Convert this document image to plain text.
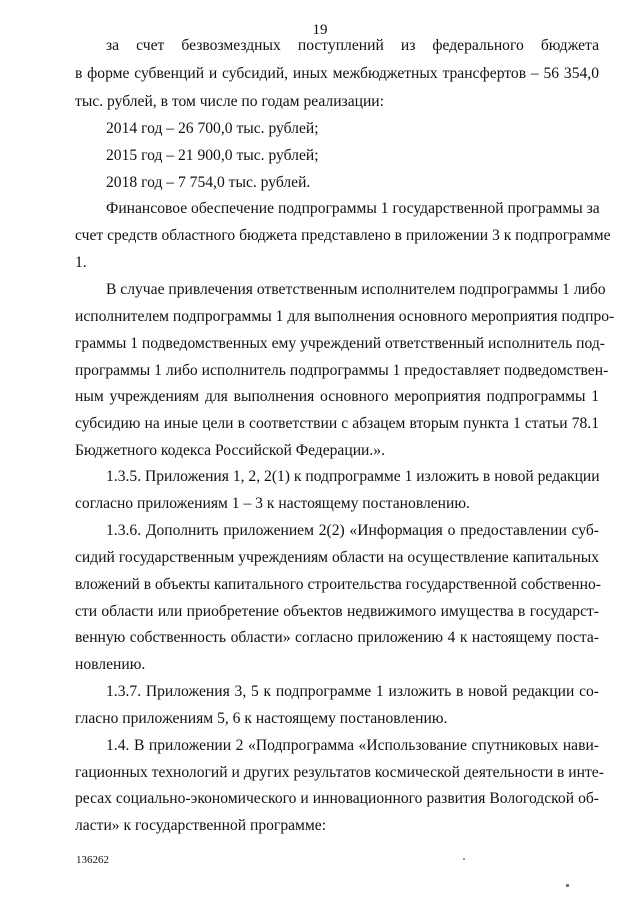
19
за счет безвозмездных поступлений из федерального бюджета
в форме субвенций и субсидий, иных межбюджетных трансфертов – 56 354,0
тыс. рублей, в том числе по годам реализации:
2014 год – 26 700,0 тыс. рублей;
2015 год – 21 900,0 тыс. рублей;
2018 год – 7 754,0 тыс. рублей.
Финансовое обеспечение подпрограммы 1 государственной программы за
счет средств областного бюджета представлено в приложении 3 к подпрограмме
1.
В случае привлечения ответственным исполнителем подпрограммы 1 либо
исполнителем подпрограммы 1 для выполнения основного мероприятия подпро-
граммы 1 подведомственных ему учреждений ответственный исполнитель под-
программы 1 либо исполнитель подпрограммы 1 предоставляет подведомствен-
ным учреждениям для выполнения основного мероприятия подпрограммы 1
субсидию на иные цели в соответствии с абзацем вторым пункта 1 статьи 78.1
Бюджетного кодекса Российской Федерации.».
1.3.5. Приложения 1, 2, 2(1) к подпрограмме 1 изложить в новой редакции
согласно приложениям 1 – 3 к настоящему постановлению.
1.3.6. Дополнить приложением 2(2) «Информация о предоставлении суб-
сидий государственным учреждениям области на осуществление капитальных
вложений в объекты капитального строительства государственной собственно-
сти области или приобретение объектов недвижимого имущества в государст-
венную собственность области» согласно приложению 4 к настоящему поста-
новлению.
1.3.7. Приложения 3, 5 к подпрограмме 1 изложить в новой редакции со-
гласно приложениям 5, 6 к настоящему постановлению.
1.4. В приложении 2 «Подпрограмма «Использование спутниковых нави-
гационных технологий и других результатов космической деятельности в инте-
ресах социально-экономического и инновационного развития Вологодской об-
ласти» к государственной программе:
136262
